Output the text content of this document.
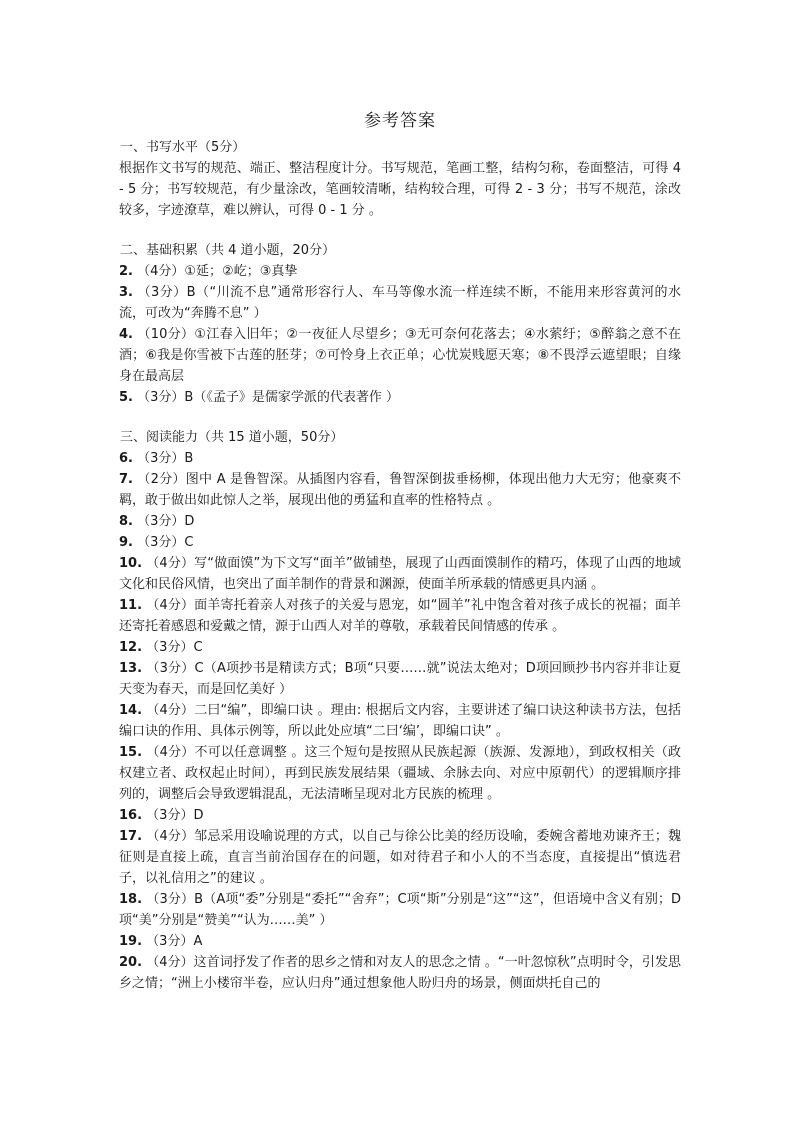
参考答案

一、书写水平（5分）

根据作文书写的规范、端正、整洁程度计分。书写规范，笔画工整，结构匀称，卷面整洁，可得 4 - 5 分；书写较规范，有少量涂改，笔画较清晰，结构较合理，可得 2 - 3 分；书写不规范，涂改较多，字迹潦草，难以辨认，可得 0 - 1 分 。

二、基础积累（共 4 道小题，20分）

2. （4分）①延；②屹；③真挚

3. （3分）B（“川流不息”通常形容行人、车马等像水流一样连续不断，不能用来形容黄河的水流，可改为“奔腾不息” ）

4. （10分）①江春入旧年；②一夜征人尽望乡；③无可奈何花落去；④水萦纡；⑤醉翁之意不在酒；⑥我是你雪被下古莲的胚芽；⑦可怜身上衣正单；心忧炭贱愿天寒；⑧不畏浮云遮望眼；自缘身在最高层

5. （3分）B（《孟子》是儒家学派的代表著作 ）

三、阅读能力（共 15 道小题，50分）

6. （3分）B

7. （2分）图中 A 是鲁智深。从插图内容看，鲁智深倒拔垂杨柳，体现出他力大无穷；他豪爽不羁，敢于做出如此惊人之举，展现出他的勇猛和直率的性格特点 。

8. （3分）D

9. （3分）C

10. （4分）写“做面馍”为下文写“面羊”做铺垫，展现了山西面馍制作的精巧，体现了山西的地域文化和民俗风情，也突出了面羊制作的背景和渊源，使面羊所承载的情感更具内涵 。

11. （4分）面羊寄托着亲人对孩子的关爱与恩宠，如“圆羊”礼中饱含着对孩子成长的祝福；面羊还寄托着感恩和爱戴之情，源于山西人对羊的尊敬，承载着民间情感的传承 。

12. （3分）C

13. （3分）C（A项抄书是精读方式；B项“只要……就”说法太绝对；D项回顾抄书内容并非让夏天变为春天，而是回忆美好 ）

14. （4分）二曰“编”，即编口诀 。理由: 根据后文内容，主要讲述了编口诀这种读书方法，包括编口诀的作用、具体示例等，所以此处应填“二曰‘编’，即编口诀” 。

15. （4分）不可以任意调整 。这三个短句是按照从民族起源（族源、发源地），到政权相关（政权建立者、政权起止时间），再到民族发展结果（疆域、余脉去向、对应中原朝代）的逻辑顺序排列的，调整后会导致逻辑混乱，无法清晰呈现对北方民族的梳理 。

16. （3分）D

17. （4分）邹忌采用设喻说理的方式，以自己与徐公比美的经历设喻，委婉含蓄地劝谏齐王；魏征则是直接上疏，直言当前治国存在的问题，如对待君子和小人的不当态度，直接提出“慎选君子，以礼信用之”的建议 。

18. （3分）B（A项“委”分别是“委托”“舍弃”；C项“斯”分别是“这”“这”，但语境中含义有别；D项“美”分别是“赞美”“认为……美” ）

19. （3分）A

20. （4分）这首词抒发了作者的思乡之情和对友人的思念之情 。“一叶忽惊秋”点明时令，引发思乡之情；“洲上小楼帘半卷，应认归舟”通过想象他人盼归舟的场景，侧面烘托自己的
